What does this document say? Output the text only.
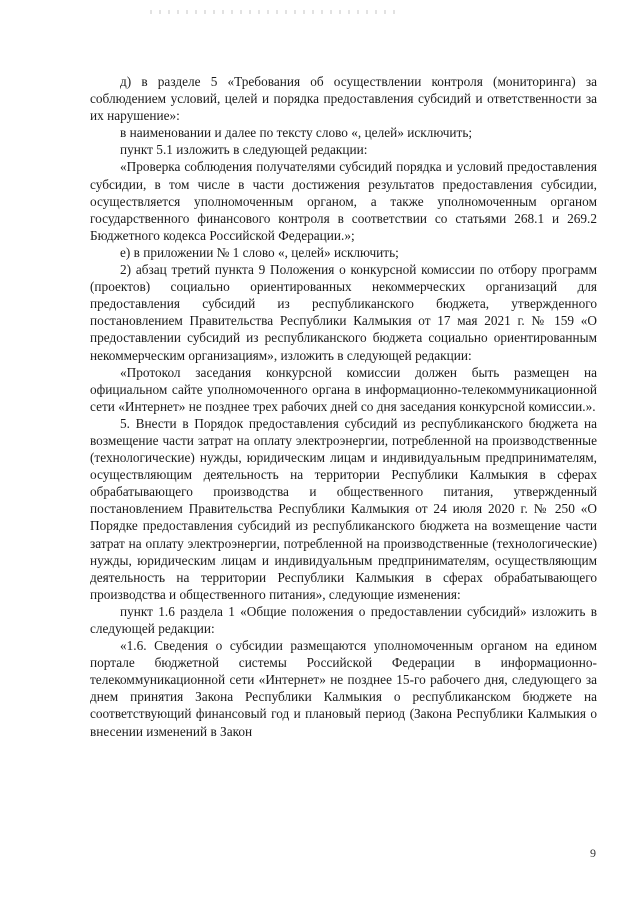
д) в разделе 5 «Требования об осуществлении контроля (мониторинга) за соблюдением условий, целей и порядка предоставления субсидий и ответственности за их нарушение»:

в наименовании и далее по тексту слово «, целей» исключить;

пункт 5.1 изложить в следующей редакции:

«Проверка соблюдения получателями субсидий порядка и условий предоставления субсидии, в том числе в части достижения результатов предоставления субсидии, осуществляется уполномоченным органом, а также уполномоченным органом государственного финансового контроля в соответствии со статьями 268.1 и 269.2 Бюджетного кодекса Российской Федерации.»;

е) в приложении № 1 слово «, целей» исключить;

2) абзац третий пункта 9 Положения о конкурсной комиссии по отбору программ (проектов) социально ориентированных некоммерческих организаций для предоставления субсидий из республиканского бюджета, утвержденного постановлением Правительства Республики Калмыкия от 17 мая 2021 г. № 159 «О предоставлении субсидий из республиканского бюджета социально ориентированным некоммерческим организациям», изложить в следующей редакции:

«Протокол заседания конкурсной комиссии должен быть размещен на официальном сайте уполномоченного органа в информационно-телекоммуникационной сети «Интернет» не позднее трех рабочих дней со дня заседания конкурсной комиссии.».

5. Внести в Порядок предоставления субсидий из республиканского бюджета на возмещение части затрат на оплату электроэнергии, потребленной на производственные (технологические) нужды, юридическим лицам и индивидуальным предпринимателям, осуществляющим деятельность на территории Республики Калмыкия в сферах обрабатывающего производства и общественного питания, утвержденный постановлением Правительства Республики Калмыкия от 24 июля 2020 г. № 250 «О Порядке предоставления субсидий из республиканского бюджета на возмещение части затрат на оплату электроэнергии, потребленной на производственные (технологические) нужды, юридическим лицам и индивидуальным предпринимателям, осуществляющим деятельность на территории Республики Калмыкия в сферах обрабатывающего производства и общественного питания», следующие изменения:

пункт 1.6 раздела 1 «Общие положения о предоставлении субсидий» изложить в следующей редакции:

«1.6. Сведения о субсидии размещаются уполномоченным органом на едином портале бюджетной системы Российской Федерации в информационно-телекоммуникационной сети «Интернет» не позднее 15-го рабочего дня, следующего за днем принятия Закона Республики Калмыкия о республиканском бюджете на соответствующий финансовый год и плановый период (Закона Республики Калмыкия о внесении изменений в Закон

9
